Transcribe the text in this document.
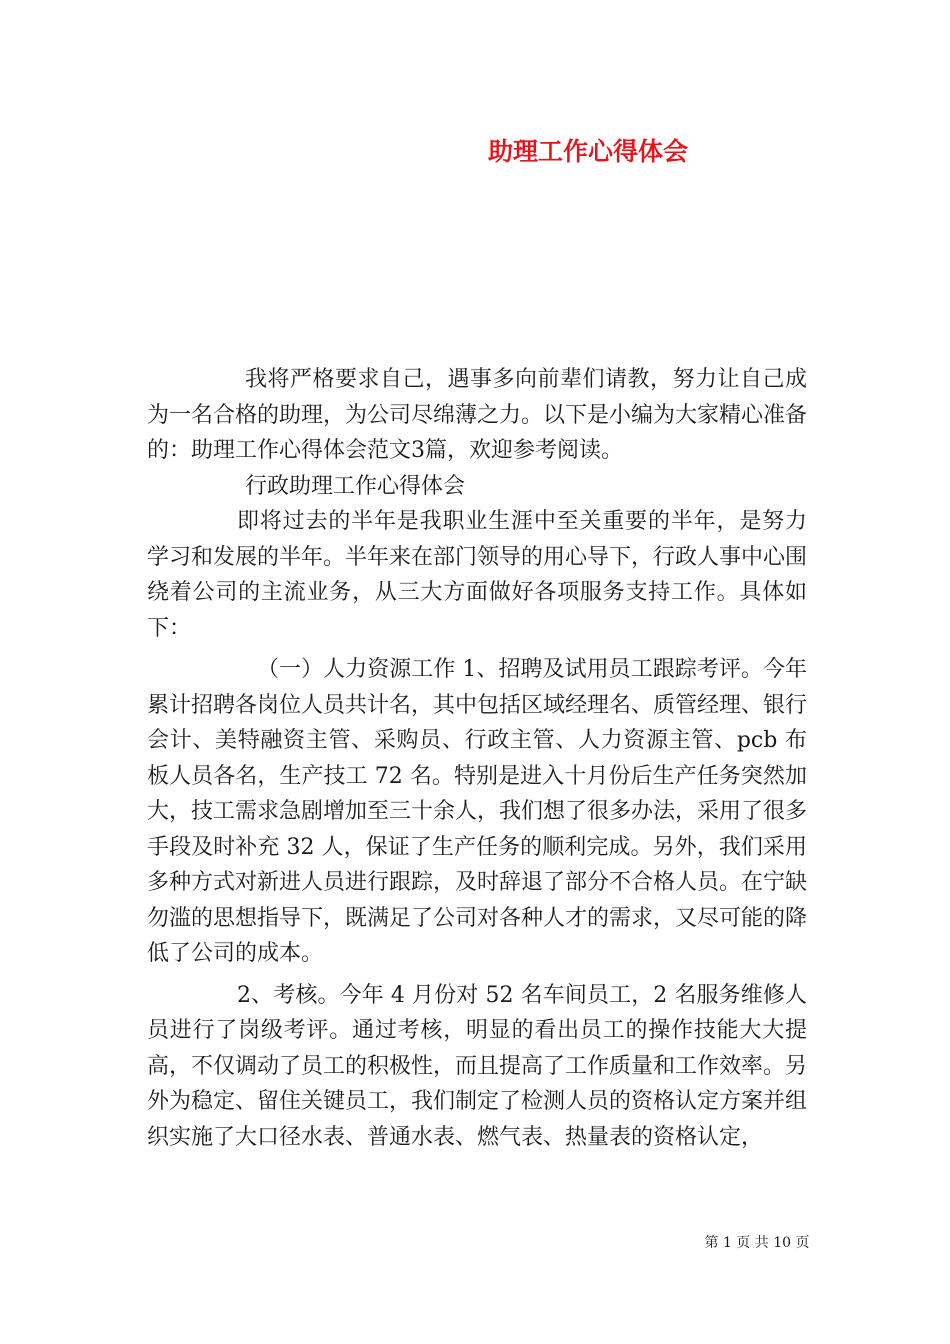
助理工作心得体会

我将严格要求自己，遇事多向前辈们请教，努力让自己成为一名合格的助理，为公司尽绵薄之力。以下是小编为大家精心准备的：助理工作心得体会范文3篇，欢迎参考阅读。

行政助理工作心得体会

即将过去的半年是我职业生涯中至关重要的半年，是努力学习和发展的半年。半年来在部门领导的用心导下，行政人事中心围绕着公司的主流业务，从三大方面做好各项服务支持工作。具体如下：

（一）人力资源工作 1、招聘及试用员工跟踪考评。今年累计招聘各岗位人员共计名，其中包括区域经理名、质管经理、银行会计、美特融资主管、采购员、行政主管、人力资源主管、pcb 布板人员各名，生产技工 72 名。特别是进入十月份后生产任务突然加大，技工需求急剧增加至三十余人，我们想了很多办法，采用了很多手段及时补充 32 人，保证了生产任务的顺利完成。另外，我们采用多种方式对新进人员进行跟踪，及时辞退了部分不合格人员。在宁缺勿滥的思想指导下，既满足了公司对各种人才的需求，又尽可能的降低了公司的成本。

2、考核。今年 4 月份对 52 名车间员工，2 名服务维修人员进行了岗级考评。通过考核，明显的看出员工的操作技能大大提高，不仅调动了员工的积极性，而且提高了工作质量和工作效率。另外为稳定、留住关键员工，我们制定了检测人员的资格认定方案并组织实施了大口径水表、普通水表、燃气表、热量表的资格认定，

第 1 页 共 10 页
